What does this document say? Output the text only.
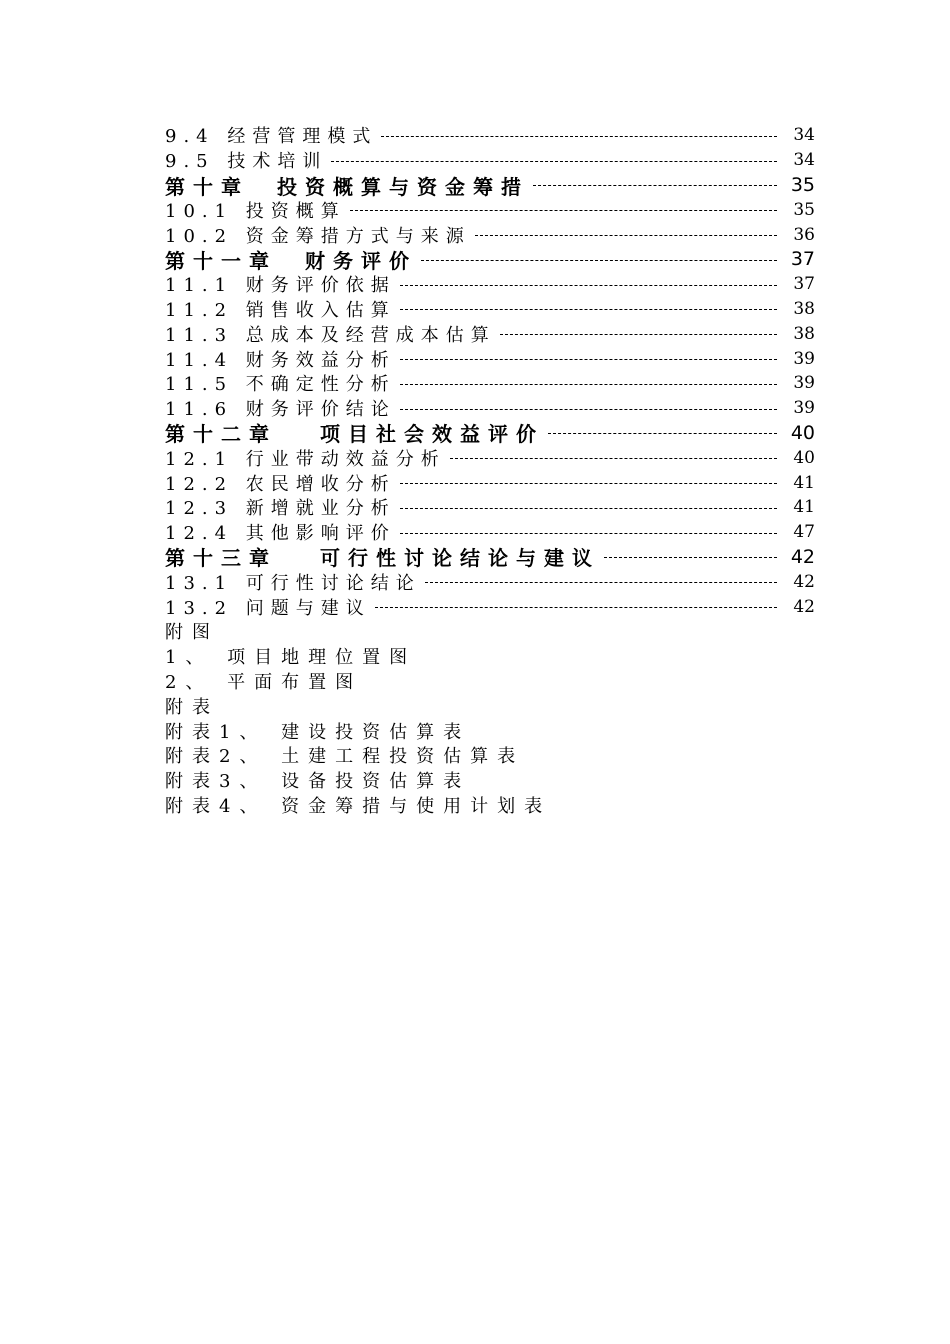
9.4 经营管理模式	34
9.5 技术培训	34
第十章　投资概算与资金筹措	35
10.1 投资概算	35
10.2 资金筹措方式与来源	36
第十一章　财务评价	37
11.1 财务评价依据	37
11.2 销售收入估算	38
11.3 总成本及经营成本估算	38
11.4 财务效益分析	39
11.5 不确定性分析	39
11.6 财务评价结论	39
第十二章　 项目社会效益评价	40
12.1 行业带动效益分析	40
12.2 农民增收分析	41
12.3 新增就业分析	41
12.4 其他影响评价	47
第十三章　 可行性讨论结论与建议	42
13.1 可行性讨论结论	42
13.2 问题与建议	42
附图
1、 项目地理位置图
2、 平面布置图
附表
附表1、 建设投资估算表
附表2、 土建工程投资估算表
附表3、 设备投资估算表
附表4、 资金筹措与使用计划表
